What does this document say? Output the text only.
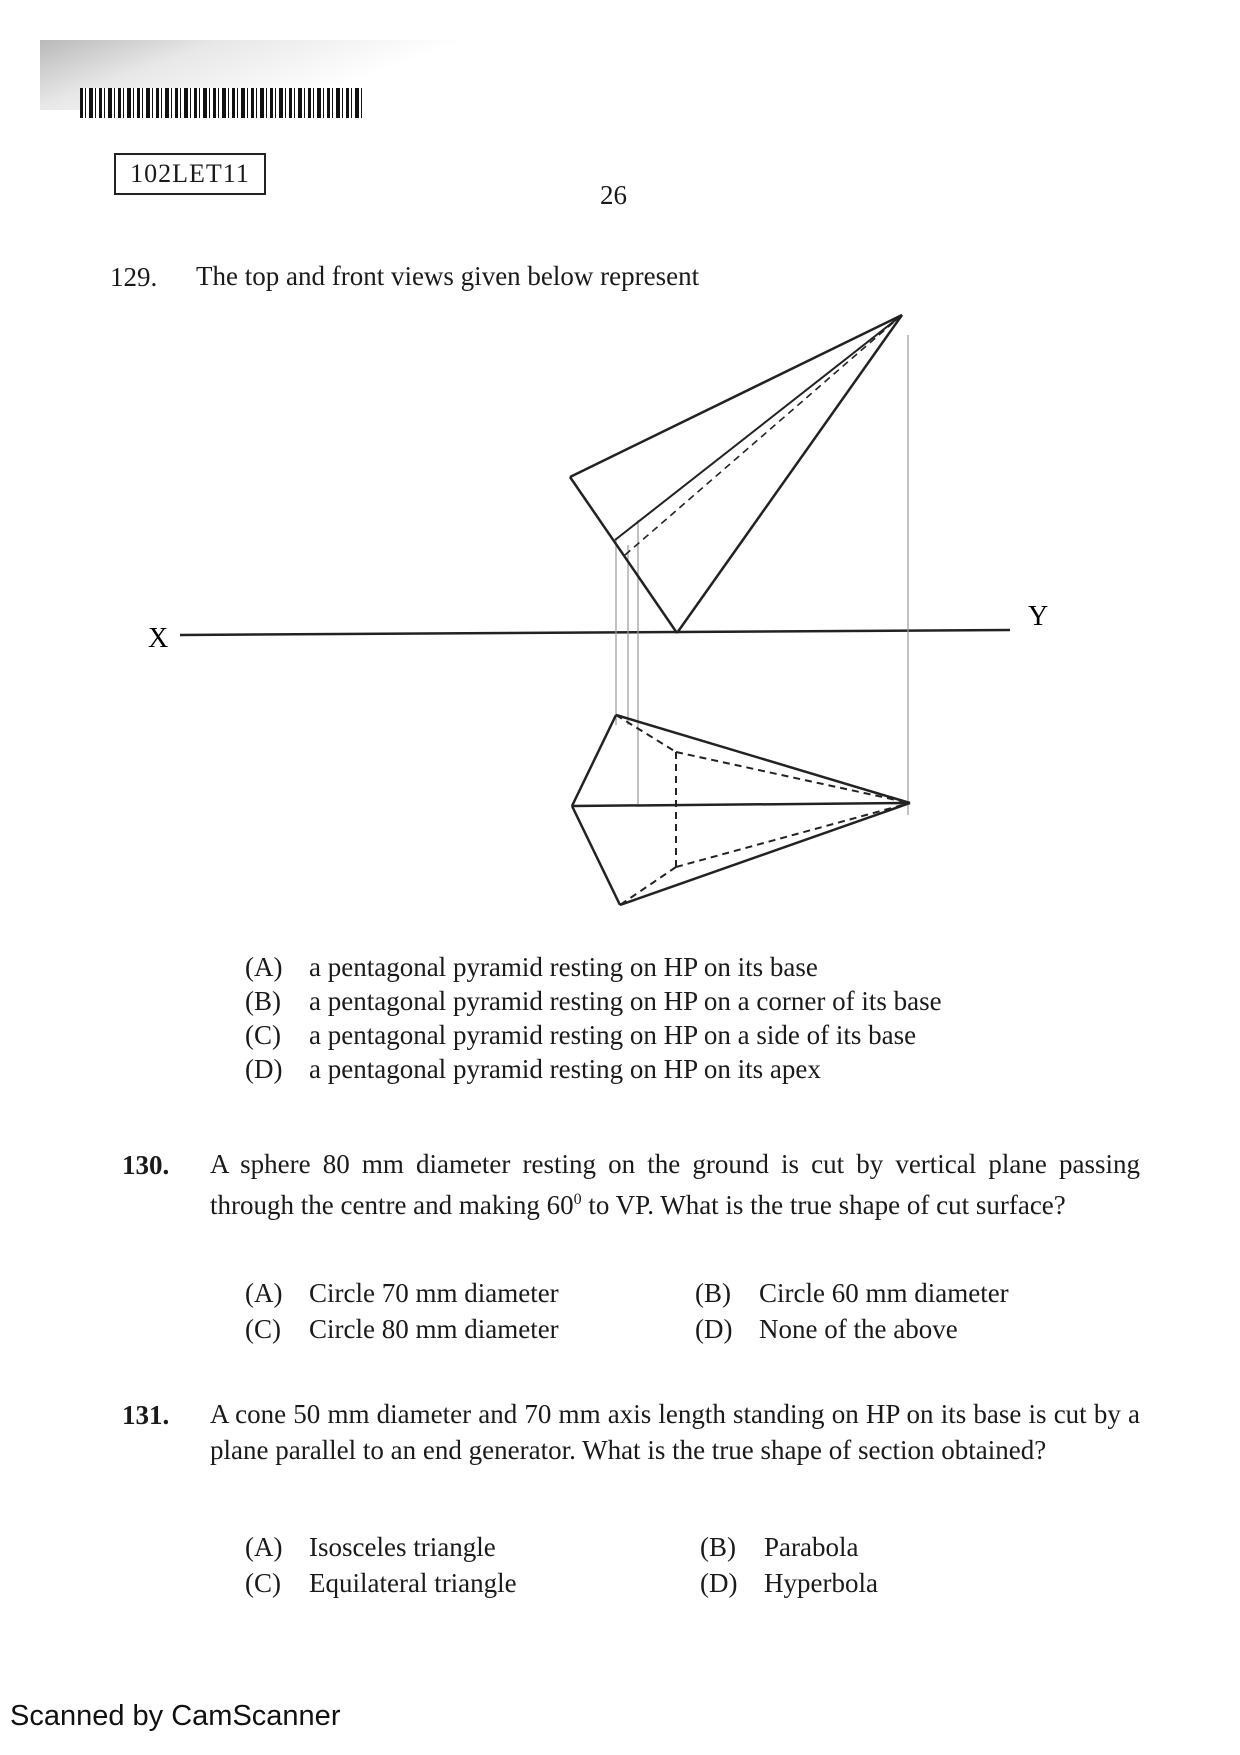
102LET11
26
129. The top and front views given below represent
X
Y
(A) a pentagonal pyramid resting on HP on its base
(B) a pentagonal pyramid resting on HP on a corner of its base
(C) a pentagonal pyramid resting on HP on a side of its base
(D) a pentagonal pyramid resting on HP on its apex
130. A sphere 80 mm diameter resting on the ground is cut by vertical plane passing through the centre and making $60^0$ to VP. What is the true shape of cut surface?
(A) Circle 70 mm diameter	(B) Circle 60 mm diameter
(C) Circle 80 mm diameter	(D) None of the above
131. A cone 50 mm diameter and 70 mm axis length standing on HP on its base is cut by a plane parallel to an end generator. What is the true shape of section obtained?
(A) Isosceles triangle	(B) Parabola
(C) Equilateral triangle	(D) Hyperbola
Scanned by CamScanner
